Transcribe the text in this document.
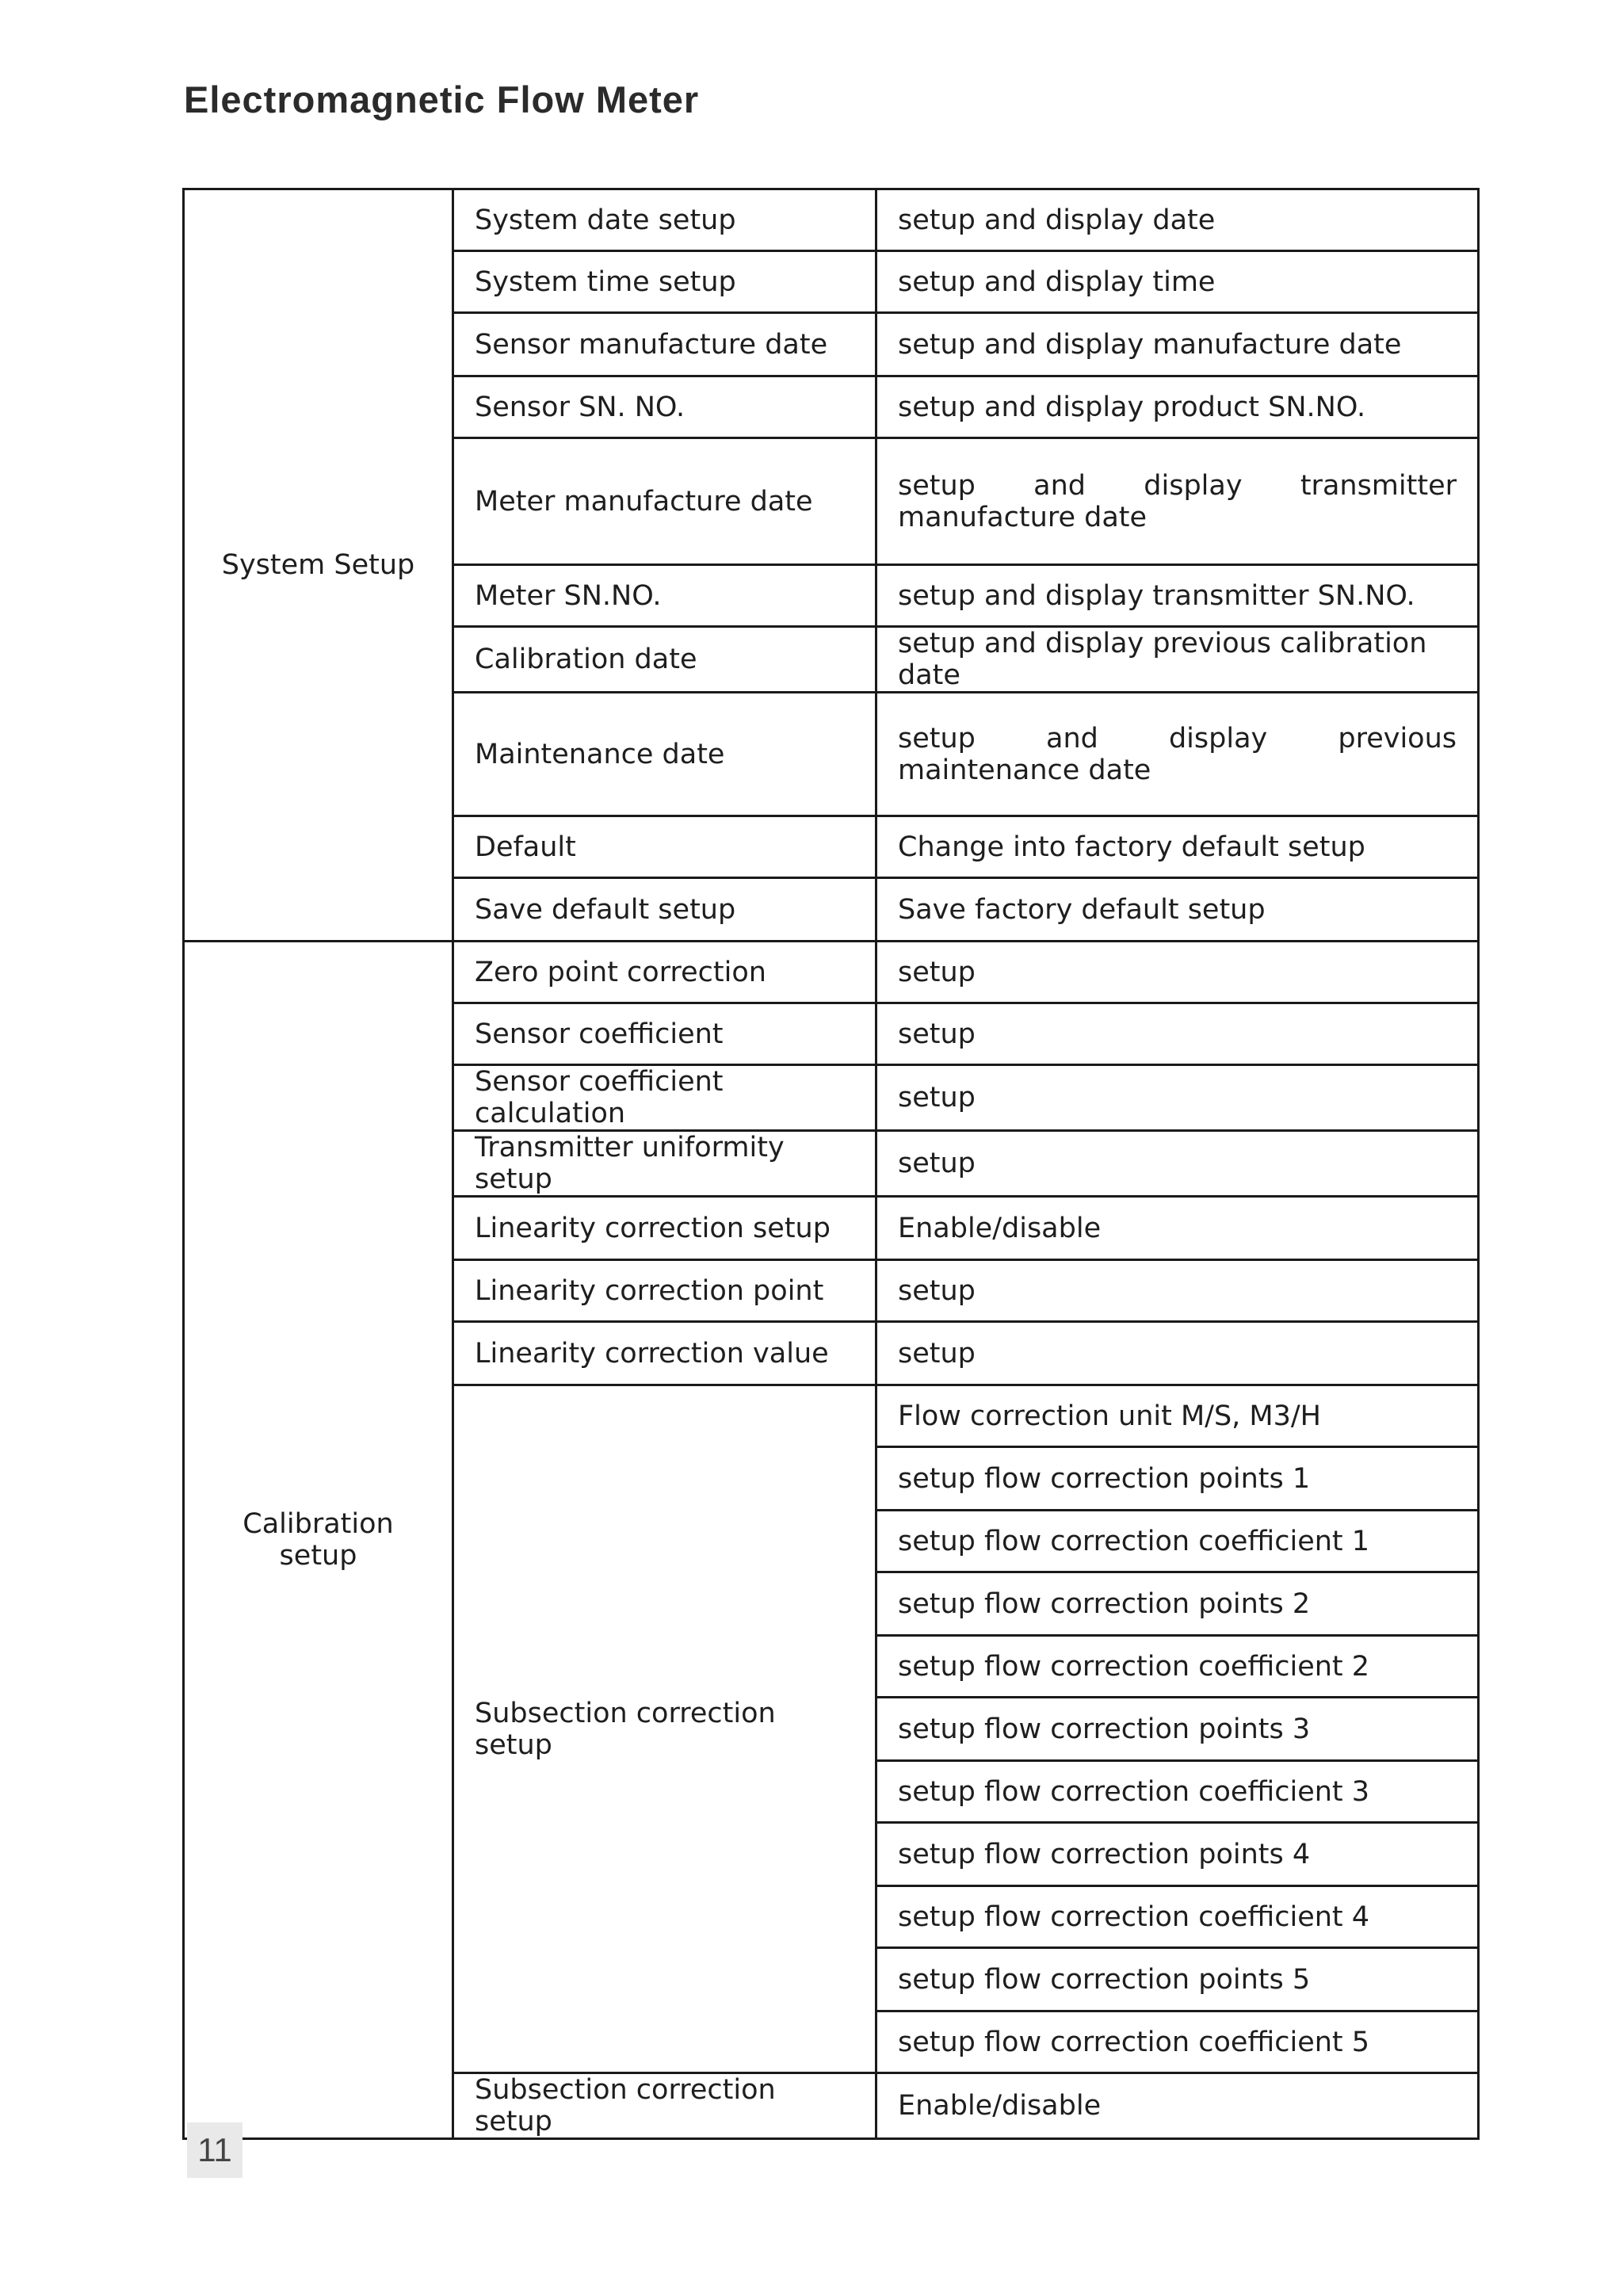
Electromagnetic Flow Meter
System Setup	System date setup	setup and display date
	System time setup	setup and display time
	Sensor manufacture date	setup and display manufacture date
	Sensor SN. NO.	setup and display product SN.NO.
	Meter manufacture date	setup and display transmitter manufacture date
	Meter SN.NO.	setup and display transmitter SN.NO.
	Calibration date	setup and display previous calibration date
	Maintenance date	setup and display previous maintenance date
	Default	Change into factory default setup
	Save default setup	Save factory default setup
Calibration setup	Zero point correction	setup
	Sensor coefficient	setup
	Sensor coefficient calculation	setup
	Transmitter uniformity setup	setup
	Linearity correction setup	Enable/disable
	Linearity correction point	setup
	Linearity correction value	setup
	Subsection correction setup	Flow correction unit M/S, M3/H
		setup flow correction points 1
		setup flow correction coefficient 1
		setup flow correction points 2
		setup flow correction coefficient 2
		setup flow correction points 3
		setup flow correction coefficient 3
		setup flow correction points 4
		setup flow correction coefficient 4
		setup flow correction points 5
		setup flow correction coefficient 5
	Subsection correction setup	Enable/disable
11
